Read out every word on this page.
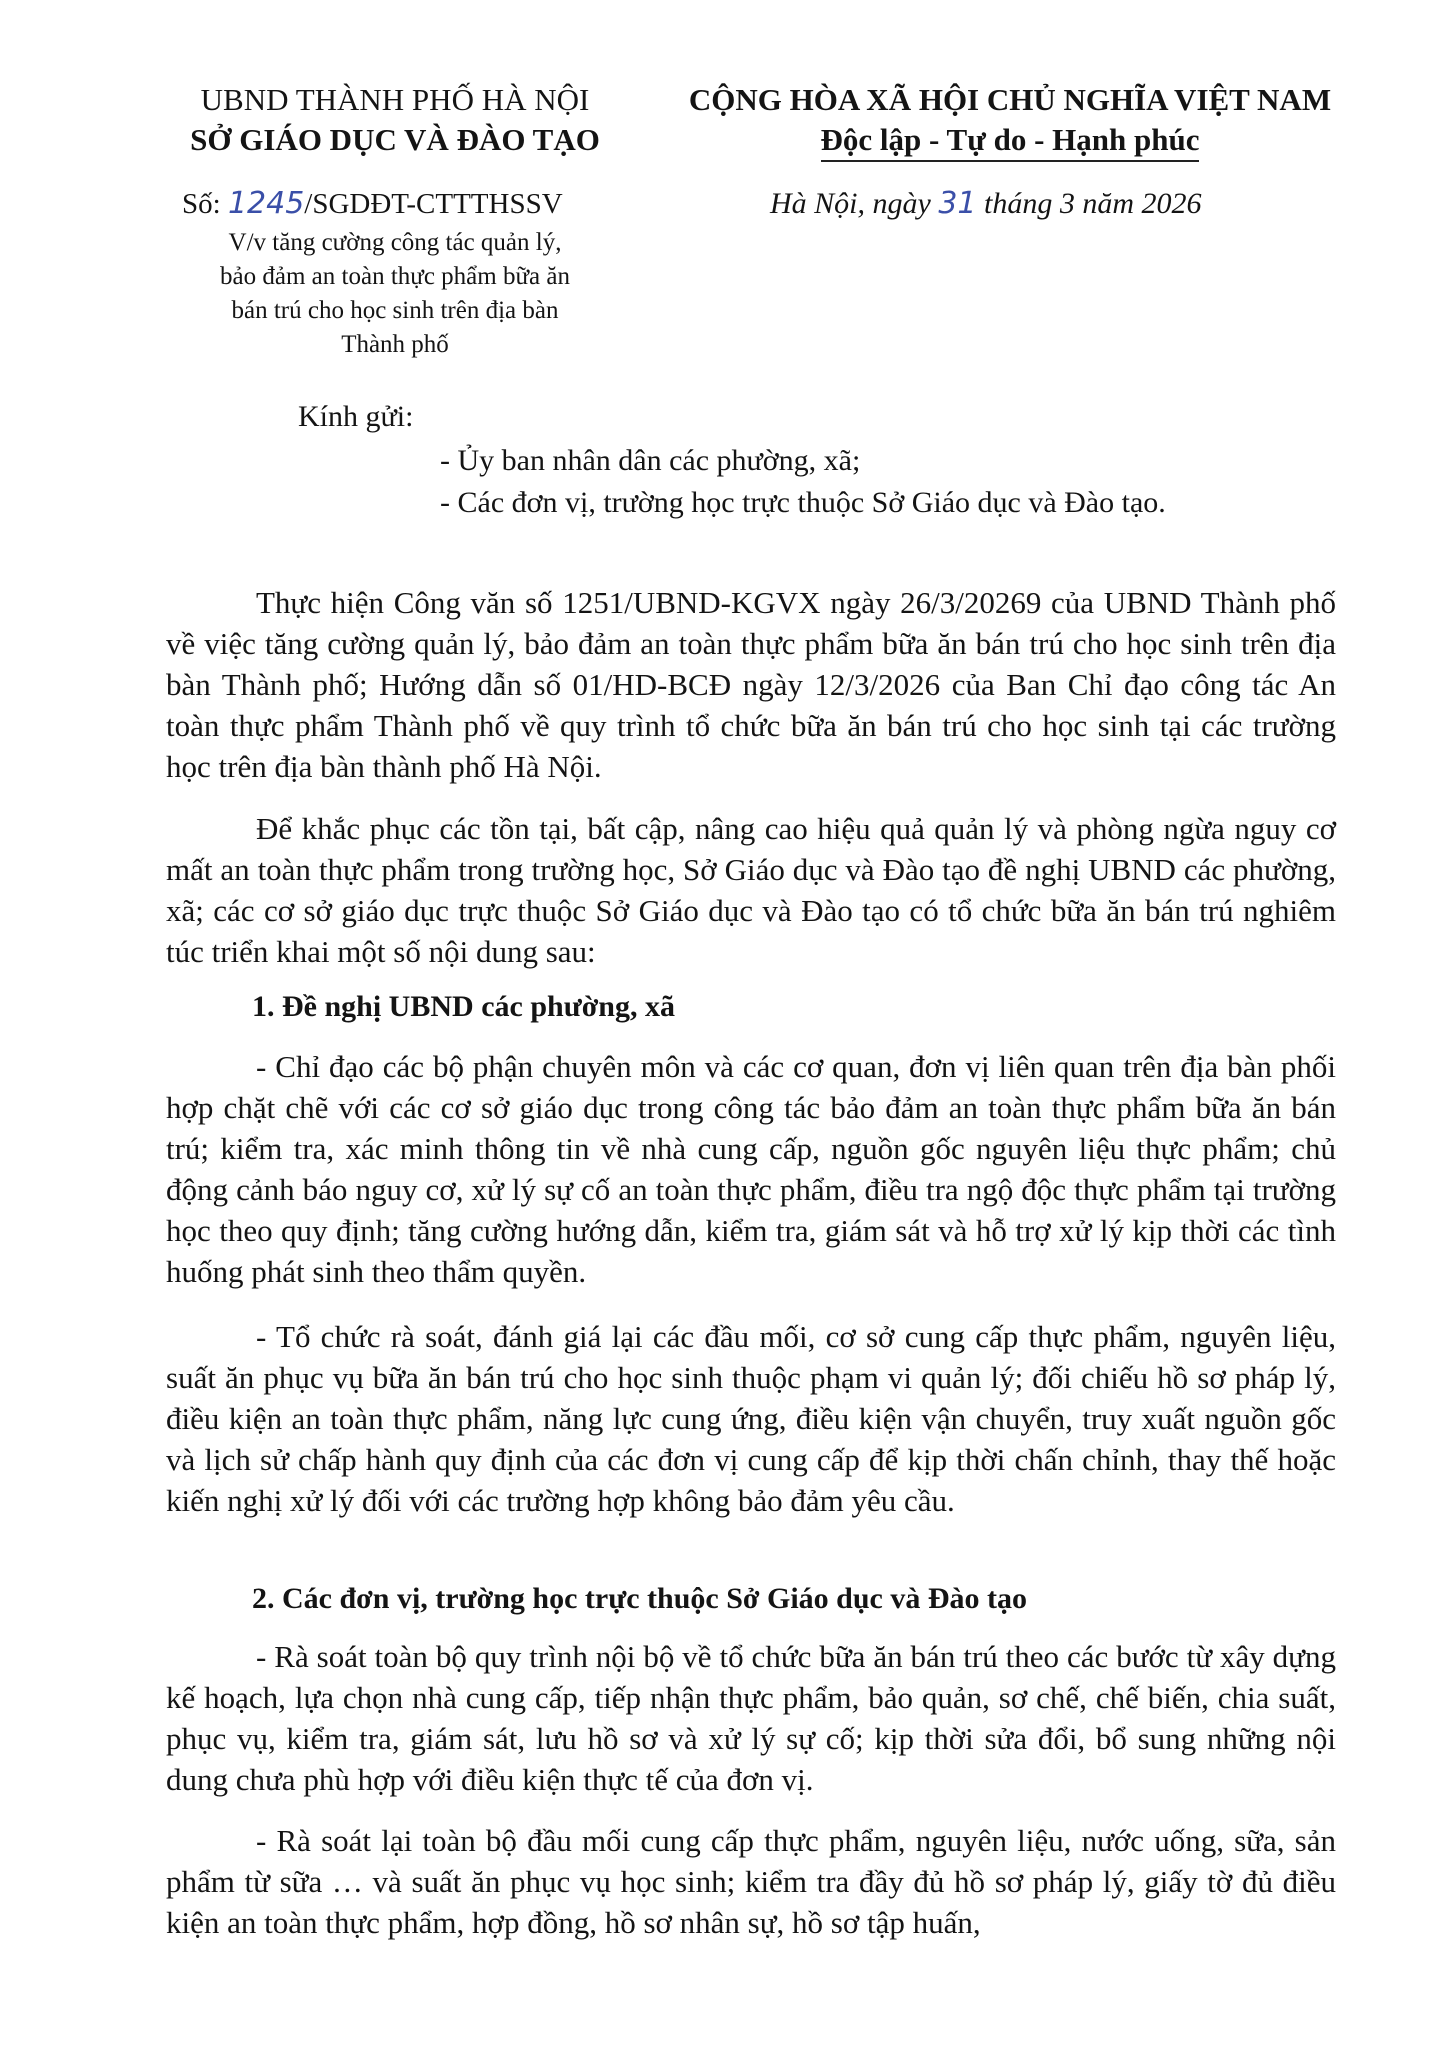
UBND THÀNH PHỐ HÀ NỘI
SỞ GIÁO DỤC VÀ ĐÀO TẠO
CỘNG HÒA XÃ HỘI CHỦ NGHĨA VIỆT NAM
Độc lập - Tự do - Hạnh phúc
Số: 1245/SGDĐT-CTTTHSSV	Hà Nội, ngày 31 tháng 3 năm 2026
V/v tăng cường công tác quản lý,
bảo đảm an toàn thực phẩm bữa ăn
bán trú cho học sinh trên địa bàn
Thành phố
Kính gửi:
- Ủy ban nhân dân các phường, xã;
- Các đơn vị, trường học trực thuộc Sở Giáo dục và Đào tạo.
Thực hiện Công văn số 1251/UBND-KGVX ngày 26/3/20269 của UBND Thành phố về việc tăng cường quản lý, bảo đảm an toàn thực phẩm bữa ăn bán trú cho học sinh trên địa bàn Thành phố; Hướng dẫn số 01/HD-BCĐ ngày 12/3/2026 của Ban Chỉ đạo công tác An toàn thực phẩm Thành phố về quy trình tổ chức bữa ăn bán trú cho học sinh tại các trường học trên địa bàn thành phố Hà Nội.
Để khắc phục các tồn tại, bất cập, nâng cao hiệu quả quản lý và phòng ngừa nguy cơ mất an toàn thực phẩm trong trường học, Sở Giáo dục và Đào tạo đề nghị UBND các phường, xã; các cơ sở giáo dục trực thuộc Sở Giáo dục và Đào tạo có tổ chức bữa ăn bán trú nghiêm túc triển khai một số nội dung sau:
1. Đề nghị UBND các phường, xã
- Chỉ đạo các bộ phận chuyên môn và các cơ quan, đơn vị liên quan trên địa bàn phối hợp chặt chẽ với các cơ sở giáo dục trong công tác bảo đảm an toàn thực phẩm bữa ăn bán trú; kiểm tra, xác minh thông tin về nhà cung cấp, nguồn gốc nguyên liệu thực phẩm; chủ động cảnh báo nguy cơ, xử lý sự cố an toàn thực phẩm, điều tra ngộ độc thực phẩm tại trường học theo quy định; tăng cường hướng dẫn, kiểm tra, giám sát và hỗ trợ xử lý kịp thời các tình huống phát sinh theo thẩm quyền.
- Tổ chức rà soát, đánh giá lại các đầu mối, cơ sở cung cấp thực phẩm, nguyên liệu, suất ăn phục vụ bữa ăn bán trú cho học sinh thuộc phạm vi quản lý; đối chiếu hồ sơ pháp lý, điều kiện an toàn thực phẩm, năng lực cung ứng, điều kiện vận chuyển, truy xuất nguồn gốc và lịch sử chấp hành quy định của các đơn vị cung cấp để kịp thời chấn chỉnh, thay thế hoặc kiến nghị xử lý đối với các trường hợp không bảo đảm yêu cầu.
2. Các đơn vị, trường học trực thuộc Sở Giáo dục và Đào tạo
- Rà soát toàn bộ quy trình nội bộ về tổ chức bữa ăn bán trú theo các bước từ xây dựng kế hoạch, lựa chọn nhà cung cấp, tiếp nhận thực phẩm, bảo quản, sơ chế, chế biến, chia suất, phục vụ, kiểm tra, giám sát, lưu hồ sơ và xử lý sự cố; kịp thời sửa đổi, bổ sung những nội dung chưa phù hợp với điều kiện thực tế của đơn vị.
- Rà soát lại toàn bộ đầu mối cung cấp thực phẩm, nguyên liệu, nước uống, sữa, sản phẩm từ sữa … và suất ăn phục vụ học sinh; kiểm tra đầy đủ hồ sơ pháp lý, giấy tờ đủ điều kiện an toàn thực phẩm, hợp đồng, hồ sơ nhân sự, hồ sơ tập huấn,
